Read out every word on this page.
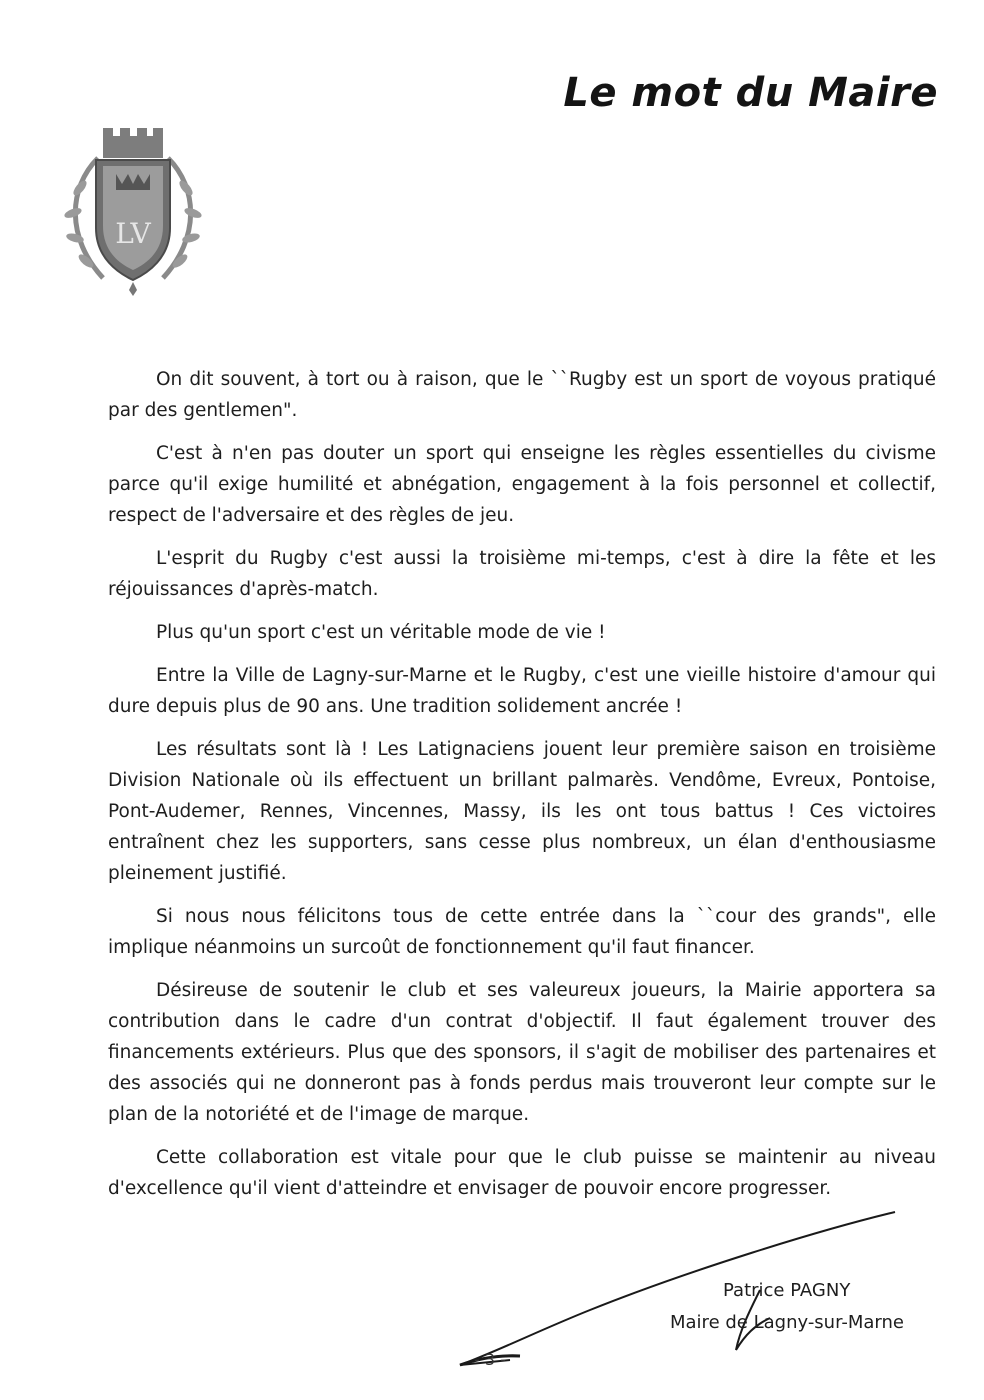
Le mot du Maire
LV

On dit souvent, à tort ou à raison, que le ``Rugby est un sport de voyous pratiqué par des gentlemen".

C'est à n'en pas douter un sport qui enseigne les règles essentielles du civisme parce qu'il exige humilité et abnégation, engagement à la fois personnel et collectif, respect de l'adversaire et des règles de jeu.

L'esprit du Rugby c'est aussi la troisième mi-temps, c'est à dire la fête et les réjouissances d'après-match.

Plus qu'un sport c'est un véritable mode de vie !

Entre la Ville de Lagny-sur-Marne et le Rugby, c'est une vieille histoire d'amour qui dure depuis plus de 90 ans. Une tradition solidement ancrée !

Les résultats sont là ! Les Latignaciens jouent leur première saison en troisième Division Nationale où ils effectuent un brillant palmarès. Vendôme, Evreux, Pontoise, Pont-Audemer, Rennes, Vincennes, Massy, ils les ont tous battus ! Ces victoires entraînent chez les supporters, sans cesse plus nombreux, un élan d'enthousiasme pleinement justifié.

Si nous nous félicitons tous de cette entrée dans la ``cour des grands", elle implique néanmoins un surcoût de fonctionnement qu'il faut financer.

Désireuse de soutenir le club et ses valeureux joueurs, la Mairie apportera sa contribution dans le cadre d'un contrat d'objectif. Il faut également trouver des financements extérieurs. Plus que des sponsors, il s'agit de mobiliser des partenaires et des associés qui ne donneront pas à fonds perdus mais trouveront leur compte sur le plan de la notoriété et de l'image de marque.

Cette collaboration est vitale pour que le club puisse se maintenir au niveau d'excellence qu'il vient d'atteindre et envisager de pouvoir encore progresser.

Patrice PAGNY
Maire de Lagny-sur-Marne
- 3 -
